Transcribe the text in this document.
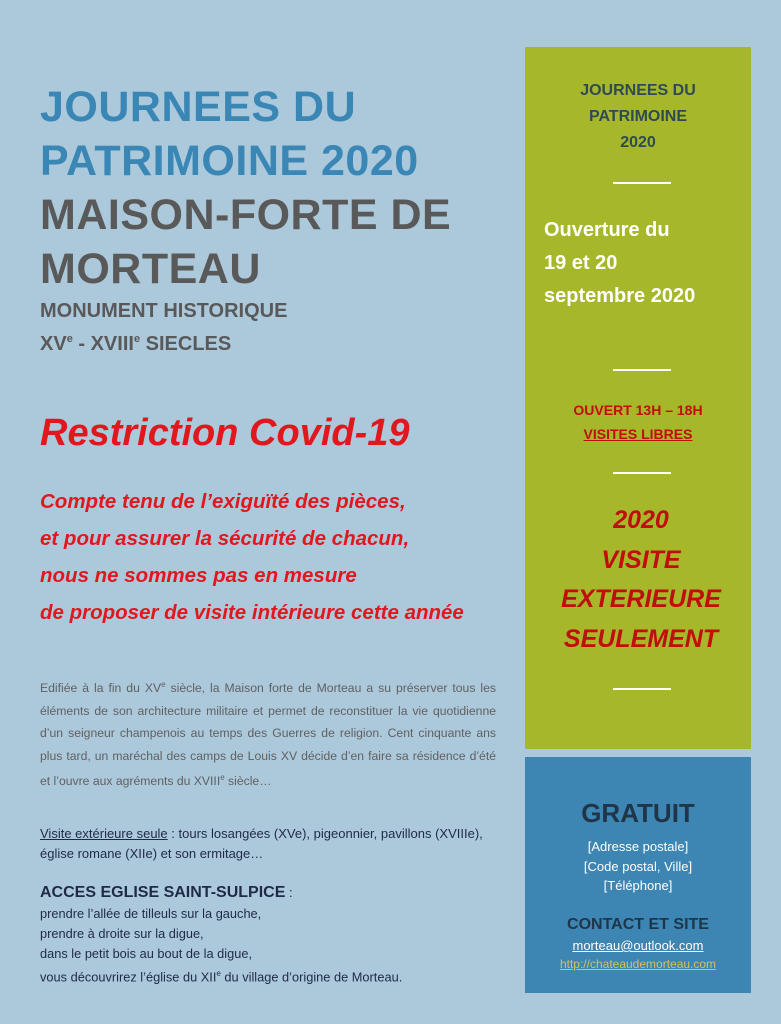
JOURNEES DU
PATRIMOINE 2020
MAISON-FORTE DE
MORTEAU
MONUMENT HISTORIQUE
XVe - XVIIIe SIECLES
Restriction Covid-19
Compte tenu de l’exiguïté des pièces,
et pour assurer la sécurité de chacun,
nous ne sommes pas en mesure
de proposer de visite intérieure cette année
Edifiée à la fin du XVe siècle, la Maison forte de Morteau a su préserver tous les éléments de son architecture militaire et permet de reconstituer la vie quotidienne d’un seigneur champenois au temps des Guerres de religion. Cent cinquante ans plus tard, un maréchal des camps de Louis XV décide d’en faire sa résidence d’été et l’ouvre aux agréments du XVIIIe siècle…
Visite extérieure seule : tours losangées (XVe), pigeonnier, pavillons (XVIIIe), église romane (XIIe) et son ermitage…
ACCES EGLISE SAINT-SULPICE :
prendre l’allée de tilleuls sur la gauche,
prendre à droite sur la digue,
dans le petit bois au bout de la digue,
vous découvrirez l’église du XIIe du village d’origine de Morteau.
JOURNEES DU
PATRIMOINE
2020
Ouverture du
19 et 20
septembre 2020
OUVERT 13H – 18H
VISITES LIBRES
2020
VISITE
EXTERIEURE
SEULEMENT
GRATUIT
[Adresse postale]
[Code postal, Ville]
[Téléphone]
CONTACT ET SITE
morteau@outlook.com
http://chateaudemorteau.com
